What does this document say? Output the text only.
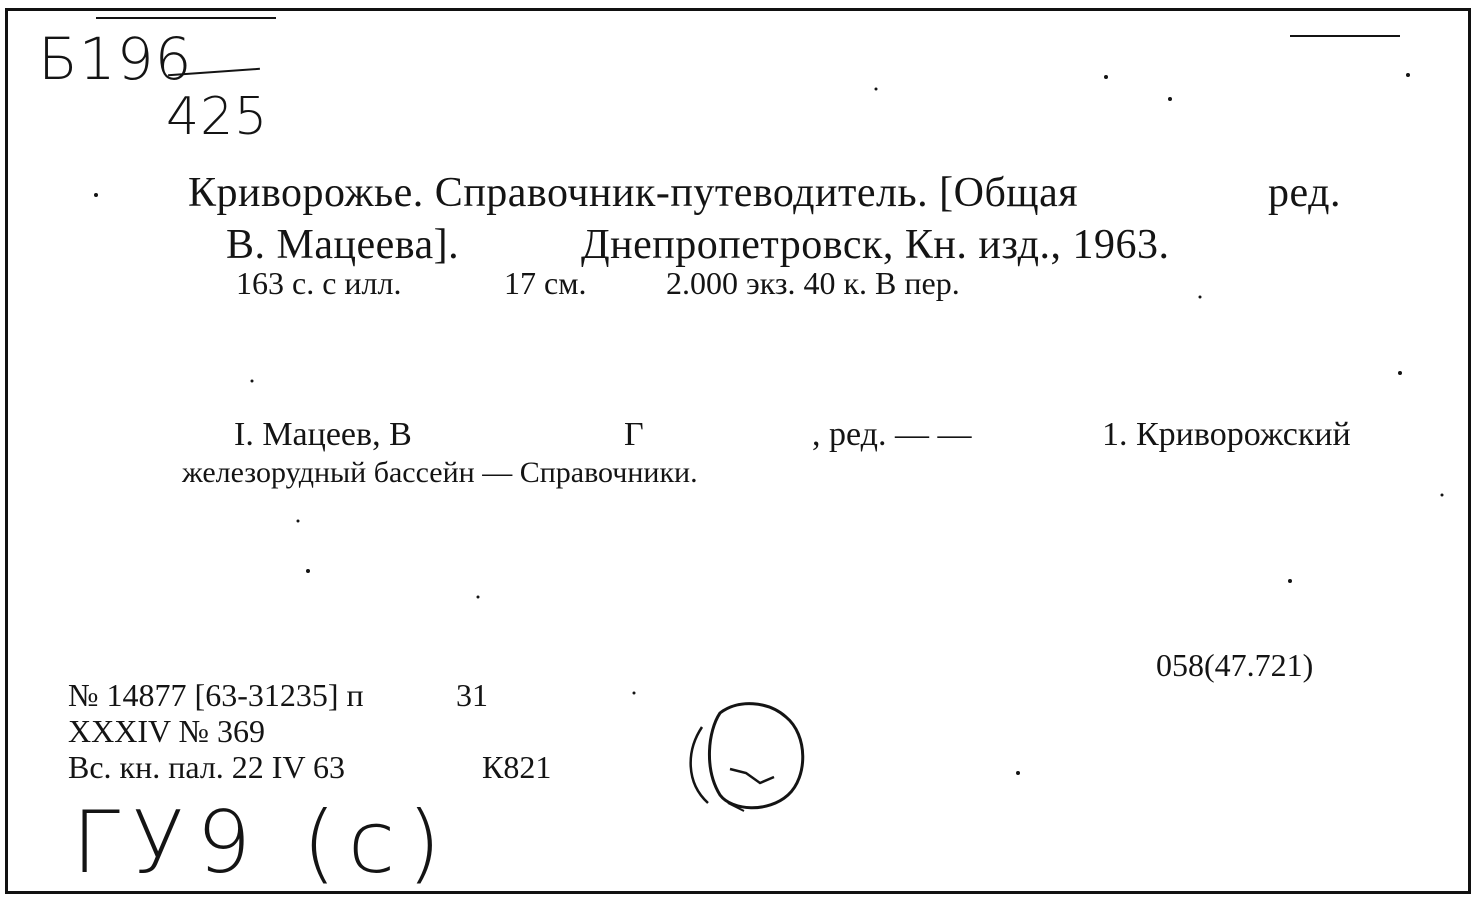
Б196
425
Криворожье. Справочник-путеводитель. [Общая	ред.
В. Мацеева].	Днепропетровск, Кн. изд., 1963.
163 с. с илл.	17 см. 2.000 экз. 40 к. В пер.
I. Мацеев, В	Г	, ред. — —	1. Криворожский
железорудный бассейн — Справочники.
№ 14877 [63-31235] п	31
XXXIV № 369
Вс. кн. пал. 22 IV 63	К821
058(47.721)
ГУ9 (с)
